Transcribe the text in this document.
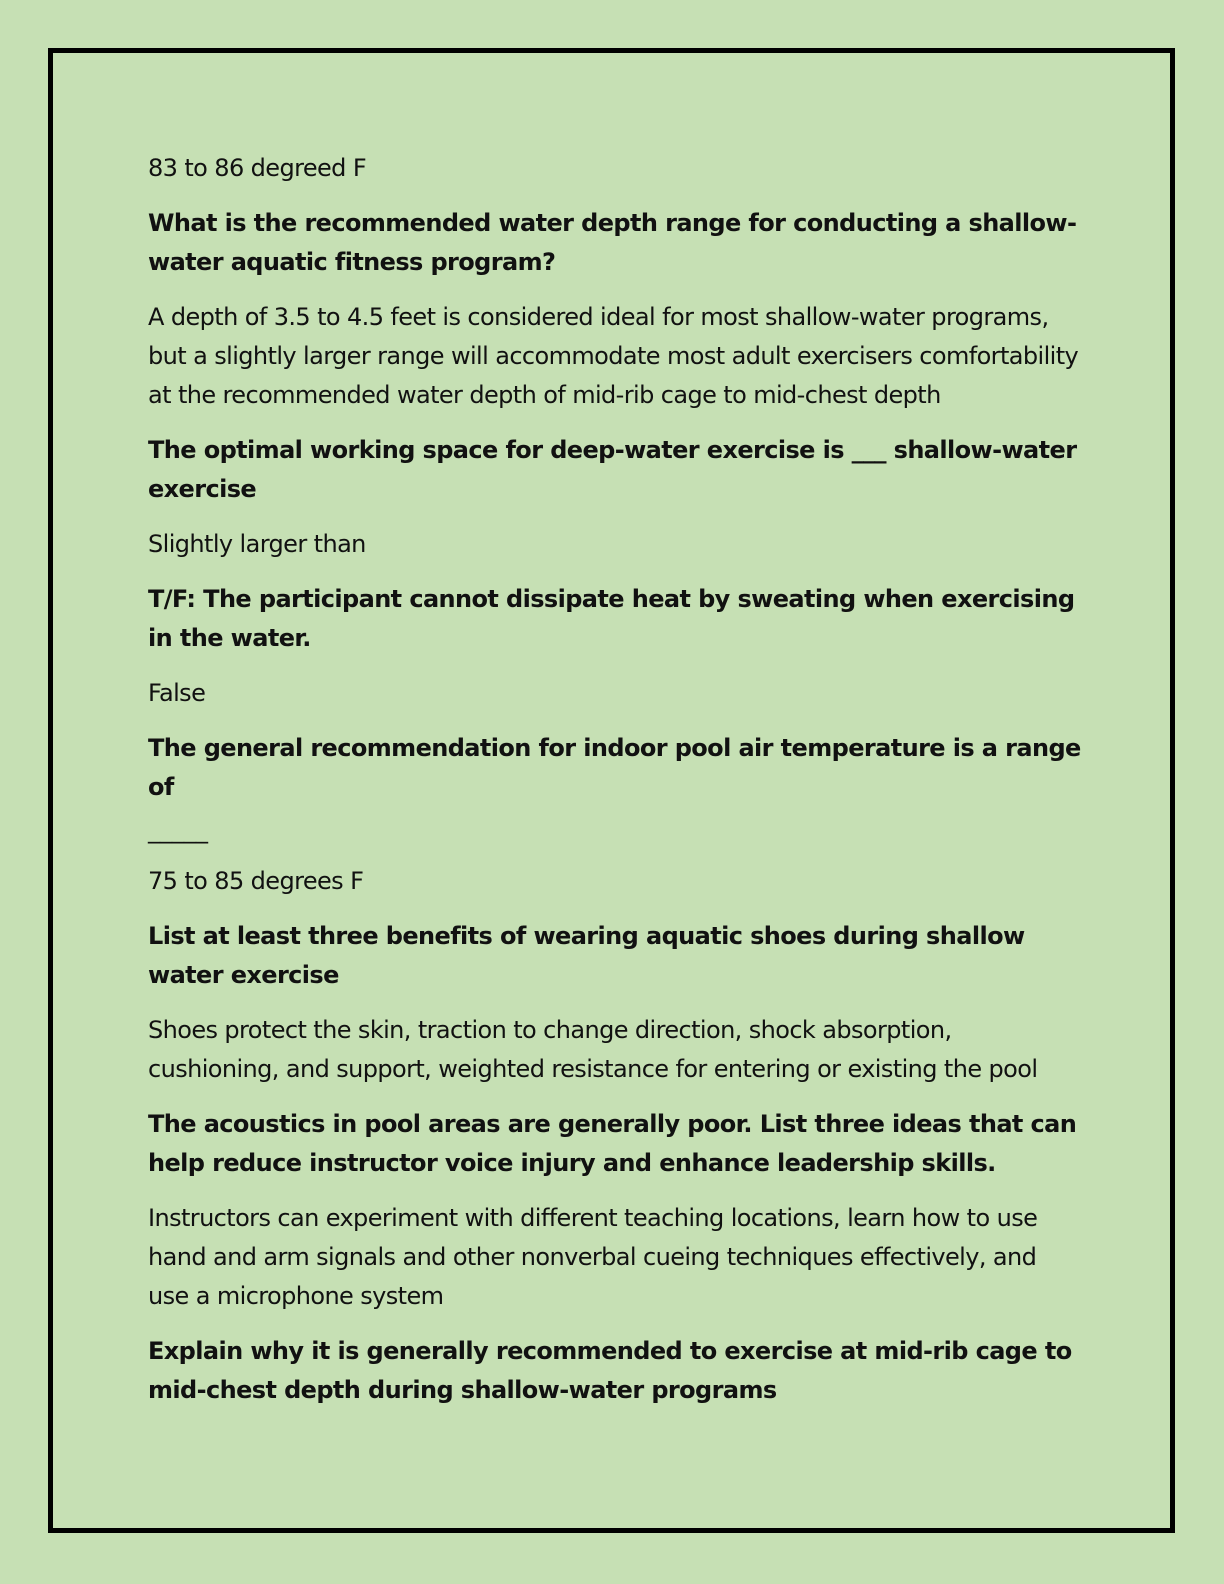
83 to 86 degreed F

What is the recommended water depth range for conducting a shallow-water aquatic fitness program?

A depth of 3.5 to 4.5 feet is considered ideal for most shallow-water programs, but a slightly larger range will accommodate most adult exercisers comfortability at the recommended water depth of mid-rib cage to mid-chest depth

The optimal working space for deep-water exercise is ___ shallow-water exercise

Slightly larger than

T/F: The participant cannot dissipate heat by sweating when exercising in the water.

False

The general recommendation for indoor pool air temperature is a range of

_____

75 to 85 degrees F

List at least three benefits of wearing aquatic shoes during shallow water exercise

Shoes protect the skin, traction to change direction, shock absorption, cushioning, and support, weighted resistance for entering or existing the pool

The acoustics in pool areas are generally poor. List three ideas that can help reduce instructor voice injury and enhance leadership skills.

Instructors can experiment with different teaching locations, learn how to use hand and arm signals and other nonverbal cueing techniques effectively, and use a microphone system

Explain why it is generally recommended to exercise at mid-rib cage to mid-chest depth during shallow-water programs
